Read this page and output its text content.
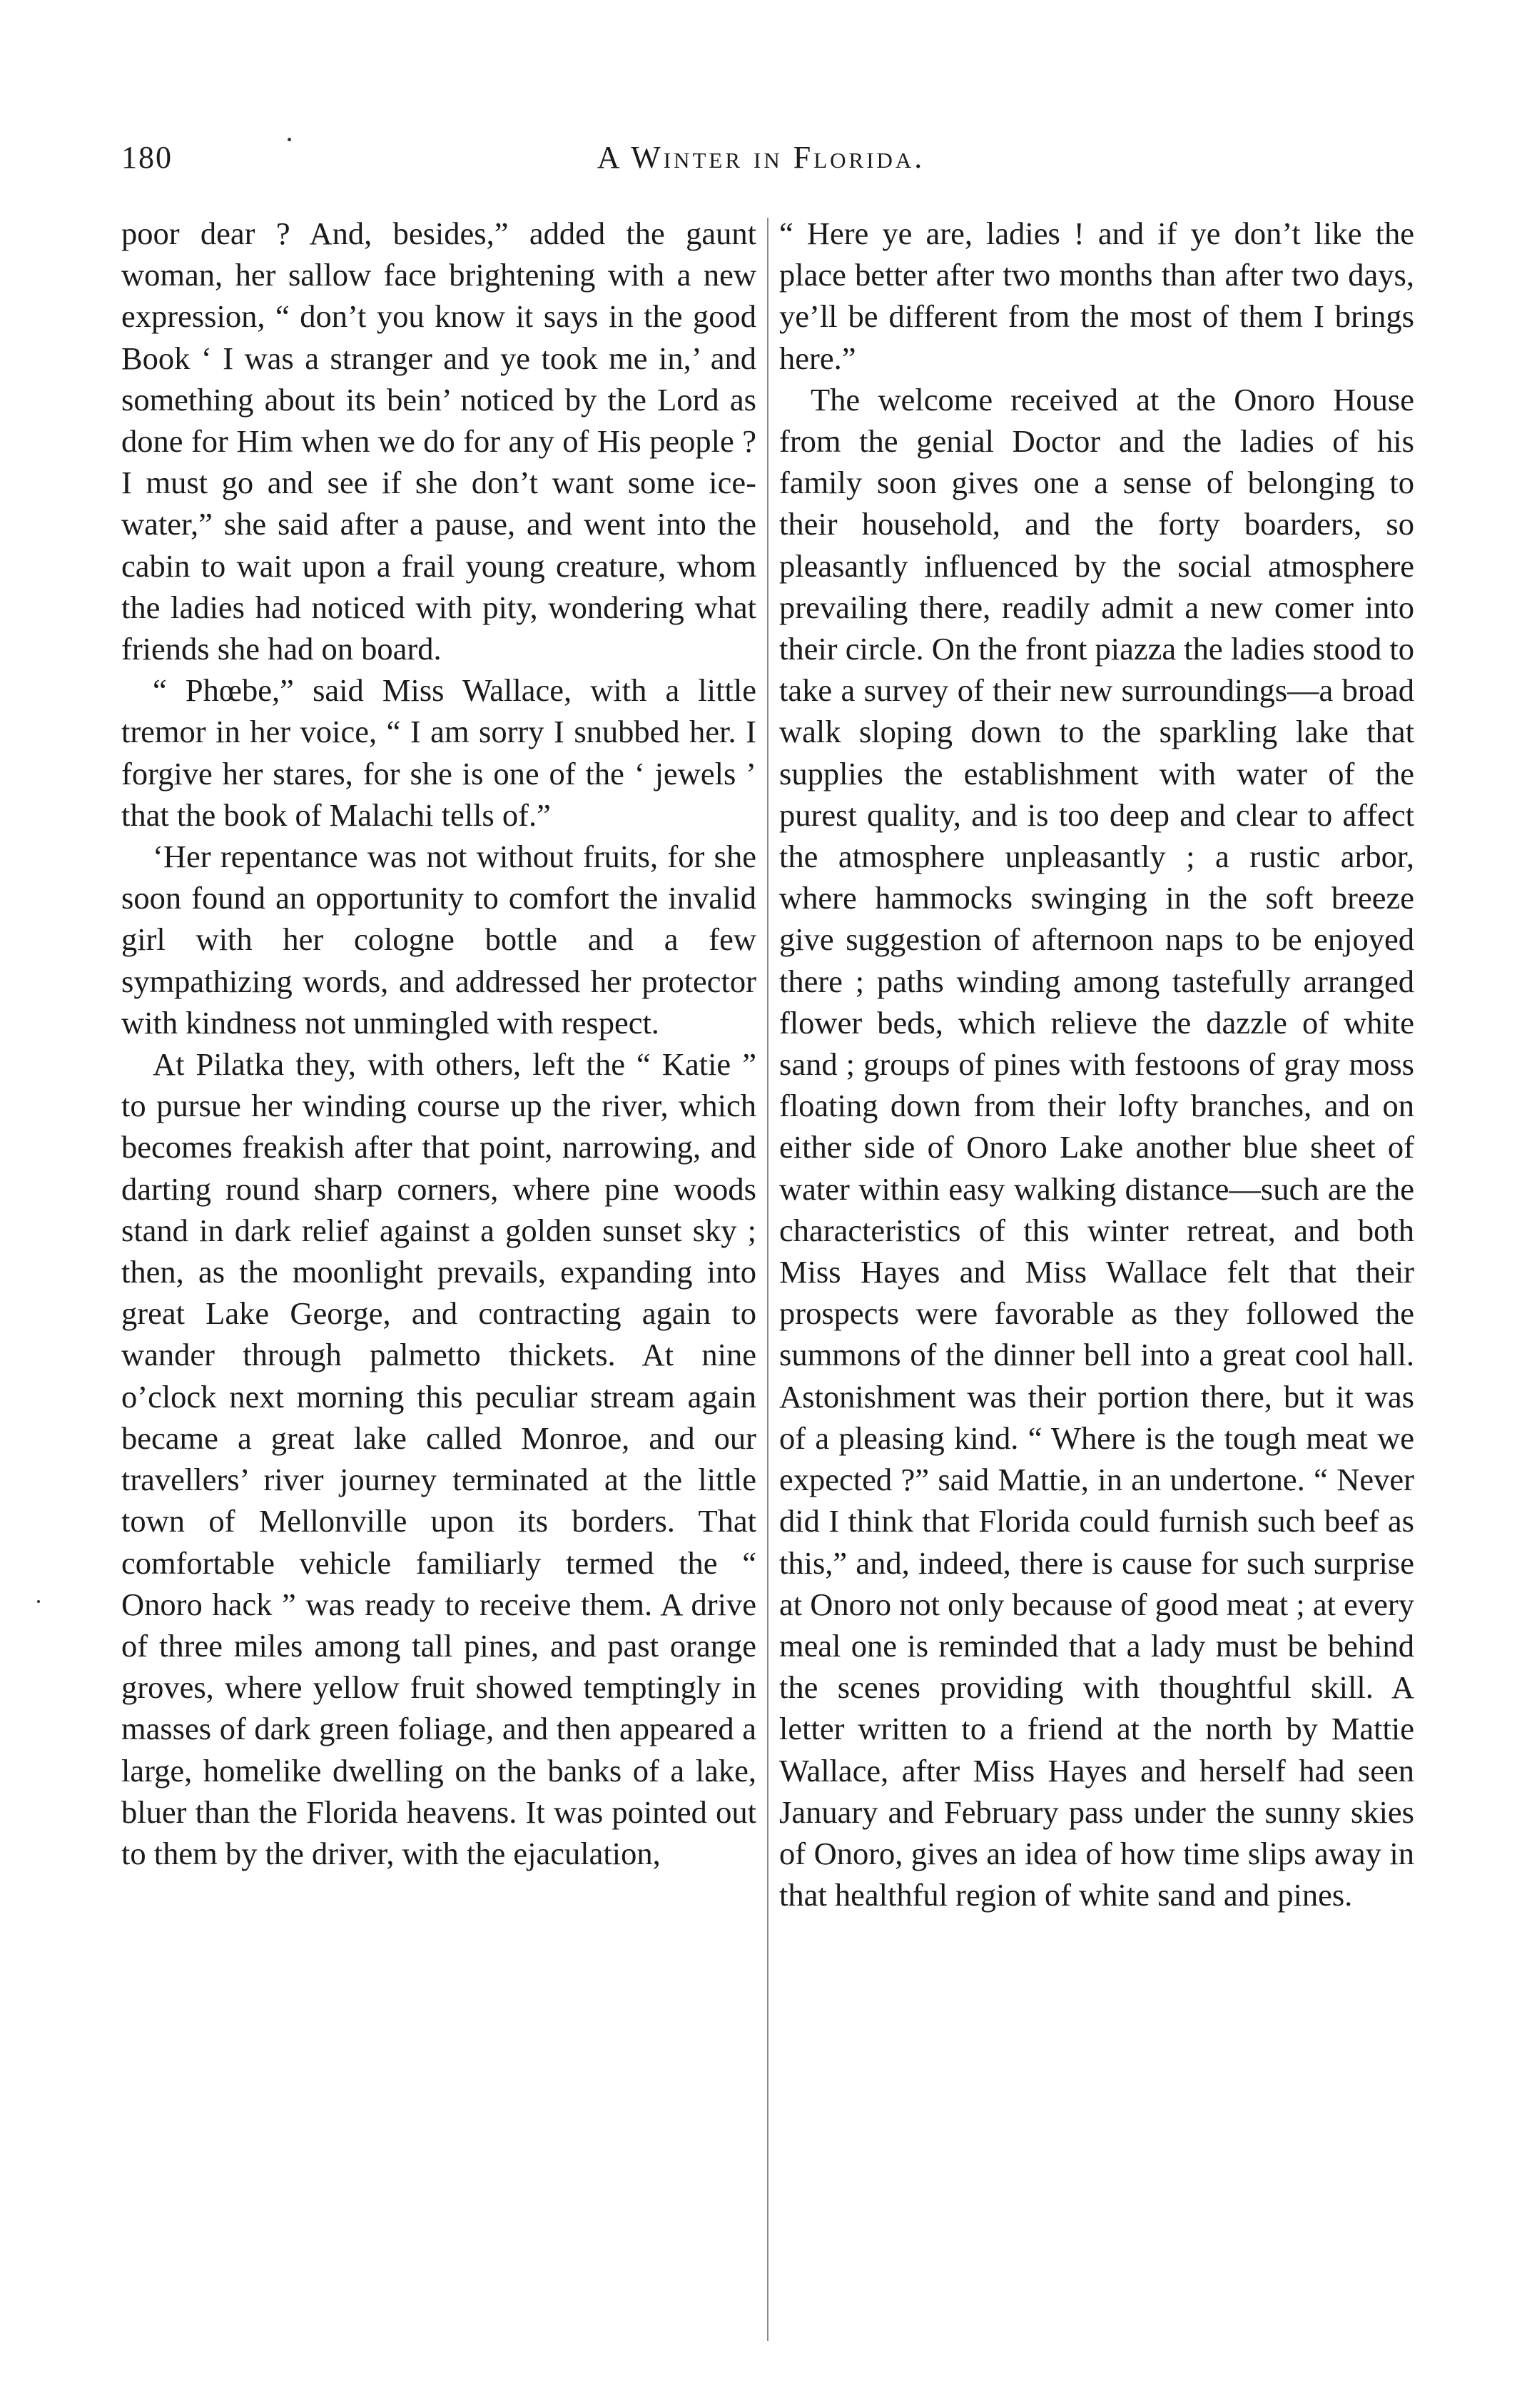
A Winter in Florida.
180

poor dear ? And, besides,” added the gaunt woman, her sallow face brightening with a new expression, “ don’t you know it says in the good Book ‘ I was a stranger and ye took me in,’ and something about its bein’ noticed by the Lord as done for Him when we do for any of His people ? I must go and see if she don’t want some ice-water,” she said after a pause, and went into the cabin to wait upon a frail young creature, whom the ladies had noticed with pity, wondering what friends she had on board.

“ Phœbe,” said Miss Wallace, with a little tremor in her voice, “ I am sorry I snubbed her. I forgive her stares, for she is one of the ‘ jewels ’ that the book of Malachi tells of.”

‘Her repentance was not without fruits, for she soon found an opportunity to comfort the invalid girl with her cologne bottle and a few sympathizing words, and addressed her protector with kindness not unmingled with respect.

At Pilatka they, with others, left the “ Katie ” to pursue her winding course up the river, which becomes freakish after that point, narrowing, and darting round sharp corners, where pine woods stand in dark relief against a golden sunset sky ; then, as the moonlight prevails, expanding into great Lake George, and contracting again to wander through palmetto thickets. At nine o’clock next morning this peculiar stream again became a great lake called Monroe, and our travellers’ river journey terminated at the little town of Mellonville upon its borders. That comfortable vehicle familiarly termed the “ Onoro hack ” was ready to receive them. A drive of three miles among tall pines, and past orange groves, where yellow fruit showed temptingly in masses of dark green foliage, and then appeared a large, homelike dwelling on the banks of a lake, bluer than the Florida heavens. It was pointed out to them by the driver, with the ejaculation,

“ Here ye are, ladies ! and if ye don’t like the place better after two months than after two days, ye’ll be different from the most of them I brings here.”

The welcome received at the Onoro House from the genial Doctor and the ladies of his family soon gives one a sense of belonging to their household, and the forty boarders, so pleasantly influenced by the social atmosphere prevailing there, readily admit a new comer into their circle. On the front piazza the ladies stood to take a survey of their new surroundings—a broad walk sloping down to the sparkling lake that supplies the establishment with water of the purest quality, and is too deep and clear to affect the atmosphere unpleasantly ; a rustic arbor, where hammocks swinging in the soft breeze give suggestion of afternoon naps to be enjoyed there ; paths winding among tastefully arranged flower beds, which relieve the dazzle of white sand ; groups of pines with festoons of gray moss floating down from their lofty branches, and on either side of Onoro Lake another blue sheet of water within easy walking distance—such are the characteristics of this winter retreat, and both Miss Hayes and Miss Wallace felt that their prospects were favorable as they followed the summons of the dinner bell into a great cool hall. Astonishment was their portion there, but it was of a pleasing kind. “ Where is the tough meat we expected ?” said Mattie, in an undertone. “ Never did I think that Florida could furnish such beef as this,” and, indeed, there is cause for such surprise at Onoro not only because of good meat ; at every meal one is reminded that a lady must be behind the scenes providing with thoughtful skill. A letter written to a friend at the north by Mattie Wallace, after Miss Hayes and herself had seen January and February pass under the sunny skies of Onoro, gives an idea of how time slips away in that healthful region of white sand and pines.
